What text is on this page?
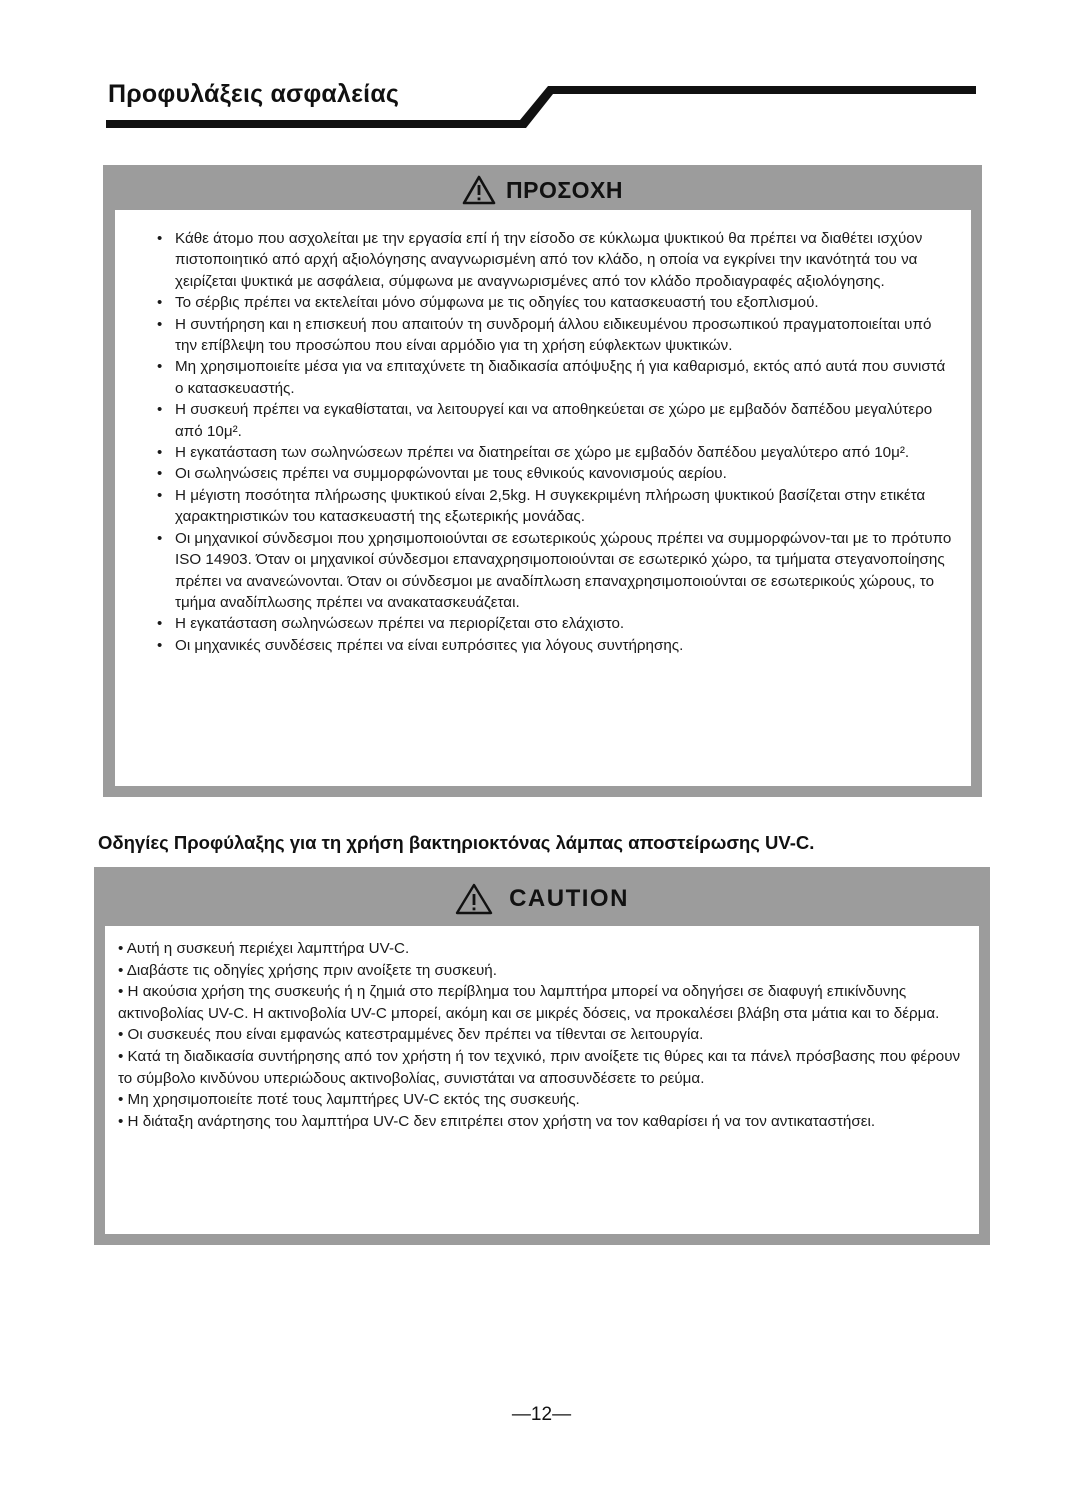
Προφυλάξεις ασφαλείας
ΠΡΟΣΟΧΗ
• Κάθε άτομο που ασχολείται με την εργασία επί ή την είσοδο σε κύκλωμα ψυκτικού θα πρέπει να διαθέτει ισχύον πιστοποιητικό από αρχή αξιολόγησης αναγνωρισμένη από τον κλάδο, η οποία να εγκρίνει την ικανότητά του να χειρίζεται ψυκτικά με ασφάλεια, σύμφωνα με αναγνωρισμένες από τον κλάδο προδιαγραφές αξιολόγησης.
• Το σέρβις πρέπει να εκτελείται μόνο σύμφωνα με τις οδηγίες του κατασκευαστή του εξοπλισμού.
• Η συντήρηση και η επισκευή που απαιτούν τη συνδρομή άλλου ειδικευμένου προσωπικού πραγματοποιείται υπό την επίβλεψη του προσώπου που είναι αρμόδιο για τη χρήση εύφλεκτων ψυκτικών.
• Μη χρησιμοποιείτε μέσα για να επιταχύνετε τη διαδικασία απόψυξης ή για καθαρισμό, εκτός από αυτά που συνιστά ο κατασκευαστής.
• Η συσκευή πρέπει να εγκαθίσταται, να λειτουργεί και να αποθηκεύεται σε χώρο με εμβαδόν δαπέδου μεγαλύτερο από 10μ².
• Η εγκατάσταση των σωληνώσεων πρέπει να διατηρείται σε χώρο με εμβαδόν δαπέδου μεγαλύτερο από 10μ².
• Οι σωληνώσεις πρέπει να συμμορφώνονται με τους εθνικούς κανονισμούς αερίου.
• Η μέγιστη ποσότητα πλήρωσης ψυκτικού είναι 2,5kg. Η συγκεκριμένη πλήρωση ψυκτικού βασίζεται στην ετικέτα χαρακτηριστικών του κατασκευαστή της εξωτερικής μονάδας.
• Οι μηχανικοί σύνδεσμοι που χρησιμοποιούνται σε εσωτερικούς χώρους πρέπει να συμμορφώνον-ται με το πρότυπο ISO 14903. Όταν οι μηχανικοί σύνδεσμοι επαναχρησιμοποιούνται σε εσωτερικό χώρο, τα τμήματα στεγανοποίησης πρέπει να ανανεώνονται. Όταν οι σύνδεσμοι με αναδίπλωση επαναχρησιμοποιούνται σε εσωτερικούς χώρους, το τμήμα αναδίπλωσης πρέπει να ανακατασκευάζεται.
• Η εγκατάσταση σωληνώσεων πρέπει να περιορίζεται στο ελάχιστο.
• Οι μηχανικές συνδέσεις πρέπει να είναι ευπρόσιτες για λόγους συντήρησης.
Οδηγίες Προφύλαξης για τη χρήση βακτηριοκτόνας λάμπας αποστείρωσης UV-C.
CAUTION
• Αυτή η συσκευή περιέχει λαμπτήρα UV-C.
• Διαβάστε τις οδηγίες χρήσης πριν ανοίξετε τη συσκευή.
• Η ακούσια χρήση της συσκευής ή η ζημιά στο περίβλημα του λαμπτήρα μπορεί να οδηγήσει σε διαφυγή επικίνδυνης ακτινοβολίας UV-C. Η ακτινοβολία UV-C μπορεί, ακόμη και σε μικρές δόσεις, να προκαλέσει βλάβη στα μάτια και το δέρμα.
• Οι συσκευές που είναι εμφανώς κατεστραμμένες δεν πρέπει να τίθενται σε λειτουργία.
• Κατά τη διαδικασία συντήρησης από τον χρήστη ή τον τεχνικό, πριν ανοίξετε τις θύρες και τα πάνελ πρόσβασης που φέρουν το σύμβολο κινδύνου υπεριώδους ακτινοβολίας, συνιστάται να αποσυνδέσετε το ρεύμα.
• Μη χρησιμοποιείτε ποτέ τους λαμπτήρες UV-C εκτός της συσκευής.
• Η διάταξη ανάρτησης του λαμπτήρα UV-C δεν επιτρέπει στον χρήστη να τον καθαρίσει ή να τον αντικαταστήσει.
—12—
